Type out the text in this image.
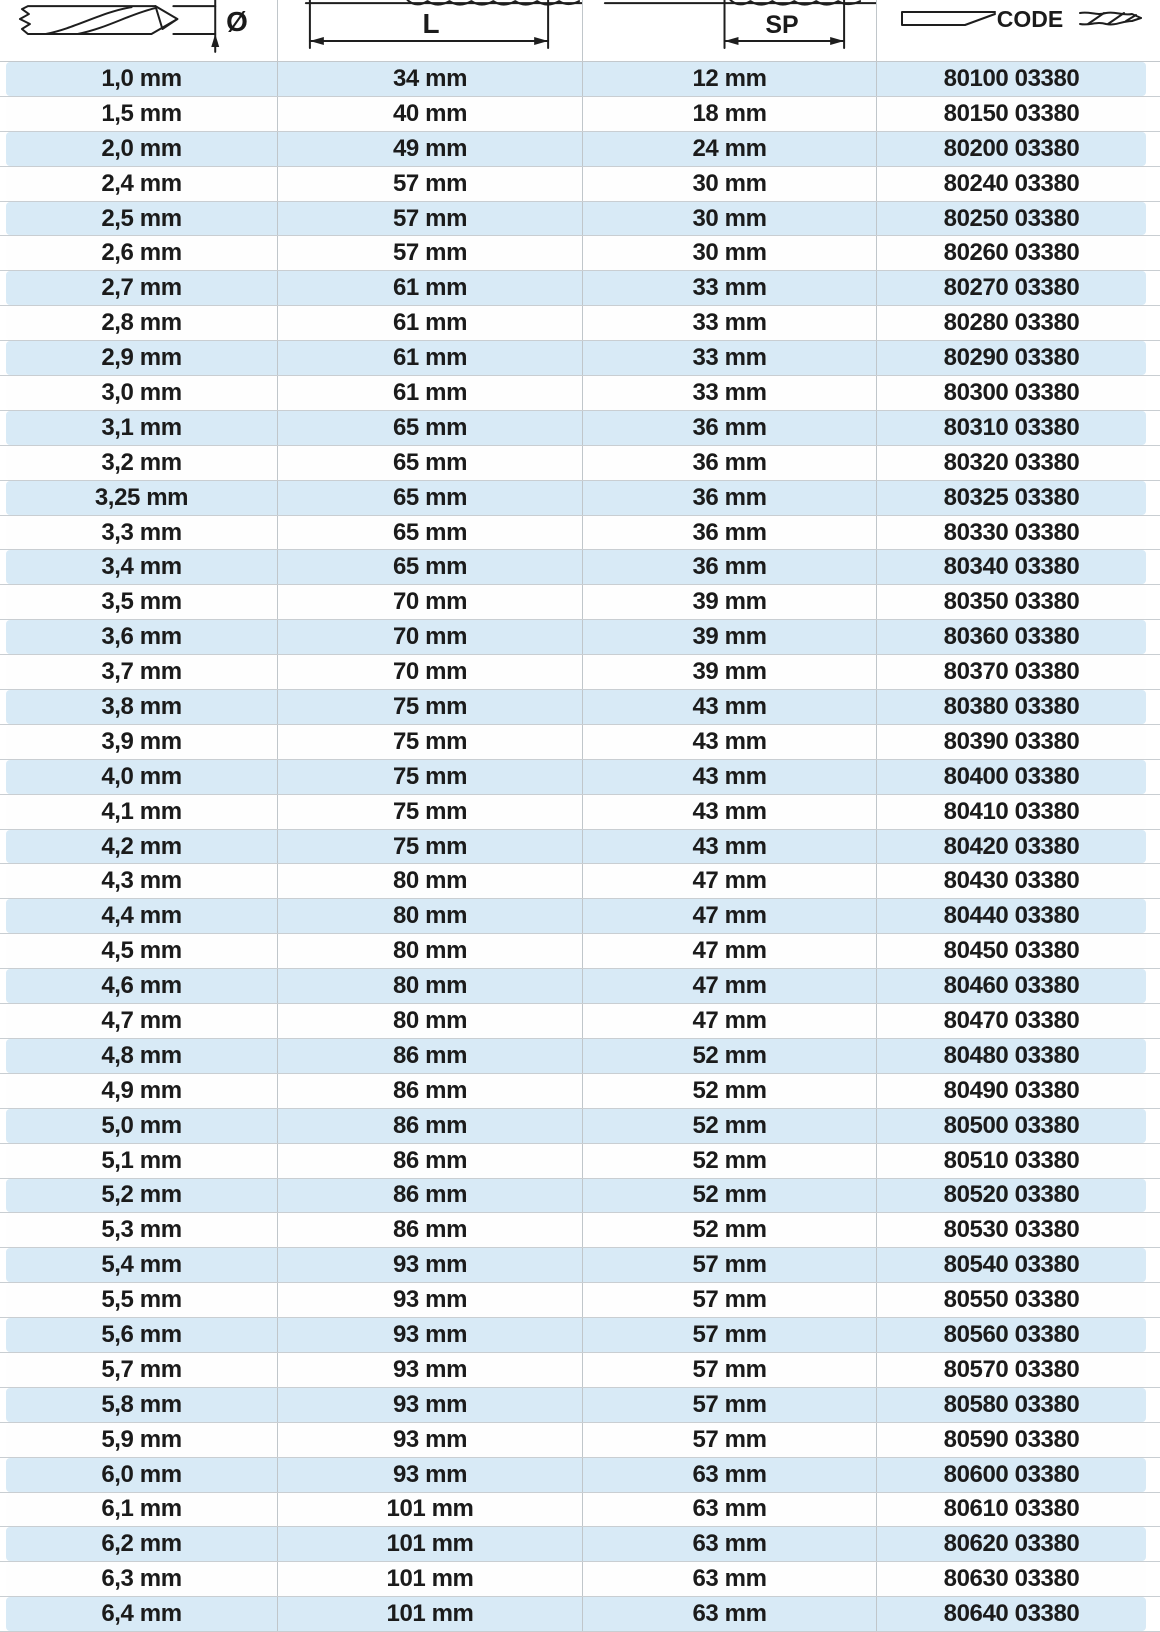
Ø	L	SP	CODE
1,0 mm	34 mm	12 mm	80100 03380
1,5 mm	40 mm	18 mm	80150 03380
2,0 mm	49 mm	24 mm	80200 03380
2,4 mm	57 mm	30 mm	80240 03380
2,5 mm	57 mm	30 mm	80250 03380
2,6 mm	57 mm	30 mm	80260 03380
2,7 mm	61 mm	33 mm	80270 03380
2,8 mm	61 mm	33 mm	80280 03380
2,9 mm	61 mm	33 mm	80290 03380
3,0 mm	61 mm	33 mm	80300 03380
3,1 mm	65 mm	36 mm	80310 03380
3,2 mm	65 mm	36 mm	80320 03380
3,25 mm	65 mm	36 mm	80325 03380
3,3 mm	65 mm	36 mm	80330 03380
3,4 mm	65 mm	36 mm	80340 03380
3,5 mm	70 mm	39 mm	80350 03380
3,6 mm	70 mm	39 mm	80360 03380
3,7 mm	70 mm	39 mm	80370 03380
3,8 mm	75 mm	43 mm	80380 03380
3,9 mm	75 mm	43 mm	80390 03380
4,0 mm	75 mm	43 mm	80400 03380
4,1 mm	75 mm	43 mm	80410 03380
4,2 mm	75 mm	43 mm	80420 03380
4,3 mm	80 mm	47 mm	80430 03380
4,4 mm	80 mm	47 mm	80440 03380
4,5 mm	80 mm	47 mm	80450 03380
4,6 mm	80 mm	47 mm	80460 03380
4,7 mm	80 mm	47 mm	80470 03380
4,8 mm	86 mm	52 mm	80480 03380
4,9 mm	86 mm	52 mm	80490 03380
5,0 mm	86 mm	52 mm	80500 03380
5,1 mm	86 mm	52 mm	80510 03380
5,2 mm	86 mm	52 mm	80520 03380
5,3 mm	86 mm	52 mm	80530 03380
5,4 mm	93 mm	57 mm	80540 03380
5,5 mm	93 mm	57 mm	80550 03380
5,6 mm	93 mm	57 mm	80560 03380
5,7 mm	93 mm	57 mm	80570 03380
5,8 mm	93 mm	57 mm	80580 03380
5,9 mm	93 mm	57 mm	80590 03380
6,0 mm	93 mm	63 mm	80600 03380
6,1 mm	101 mm	63 mm	80610 03380
6,2 mm	101 mm	63 mm	80620 03380
6,3 mm	101 mm	63 mm	80630 03380
6,4 mm	101 mm	63 mm	80640 03380
